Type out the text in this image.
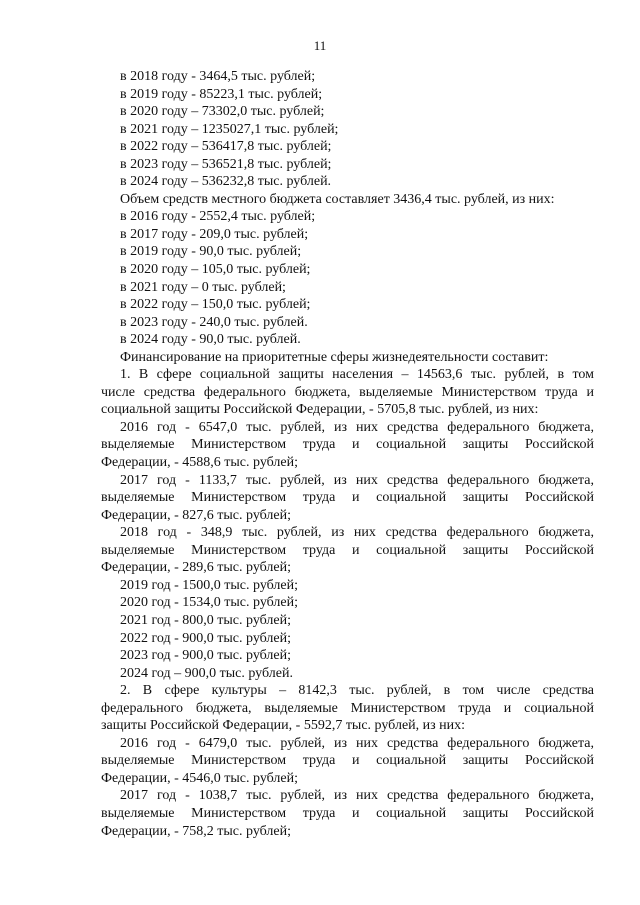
11
в 2018 году - 3464,5 тыс. рублей;
в 2019 году - 85223,1 тыс. рублей;
в 2020 году – 73302,0 тыс. рублей;
в 2021 году – 1235027,1 тыс. рублей;
в 2022 году – 536417,8 тыс. рублей;
в 2023 году – 536521,8 тыс. рублей;
в 2024 году – 536232,8 тыс. рублей.
Объем средств местного бюджета составляет 3436,4 тыс. рублей, из них:
в 2016 году - 2552,4 тыс. рублей;
в 2017 году - 209,0 тыс. рублей;
в 2019 году - 90,0 тыс. рублей;
в 2020 году – 105,0 тыс. рублей;
в 2021 году – 0 тыс. рублей;
в 2022 году – 150,0 тыс. рублей;
в 2023 году - 240,0 тыс. рублей.
в 2024 году - 90,0 тыс. рублей.
Финансирование на приоритетные сферы жизнедеятельности составит:
1. В сфере социальной защиты населения – 14563,6 тыс. рублей, в том
числе средства федерального бюджета, выделяемые Министерством труда и
социальной защиты Российской Федерации, - 5705,8 тыс. рублей, из них:
2016 год - 6547,0 тыс. рублей, из них средства федерального бюджета,
выделяемые Министерством труда и социальной защиты Российской
Федерации, - 4588,6 тыс. рублей;
2017 год - 1133,7 тыс. рублей, из них средства федерального бюджета,
выделяемые Министерством труда и социальной защиты Российской
Федерации, - 827,6 тыс. рублей;
2018 год - 348,9 тыс. рублей, из них средства федерального бюджета,
выделяемые Министерством труда и социальной защиты Российской
Федерации, - 289,6 тыс. рублей;
2019 год - 1500,0 тыс. рублей;
2020 год - 1534,0 тыс. рублей;
2021 год - 800,0 тыс. рублей;
2022 год - 900,0 тыс. рублей;
2023 год - 900,0 тыс. рублей;
2024 год – 900,0 тыс. рублей.
2. В сфере культуры – 8142,3 тыс. рублей, в том числе средства
федерального бюджета, выделяемые Министерством труда и социальной
защиты Российской Федерации, - 5592,7 тыс. рублей, из них:
2016 год - 6479,0 тыс. рублей, из них средства федерального бюджета,
выделяемые Министерством труда и социальной защиты Российской
Федерации, - 4546,0 тыс. рублей;
2017 год - 1038,7 тыс. рублей, из них средства федерального бюджета,
выделяемые Министерством труда и социальной защиты Российской
Федерации, - 758,2 тыс. рублей;
